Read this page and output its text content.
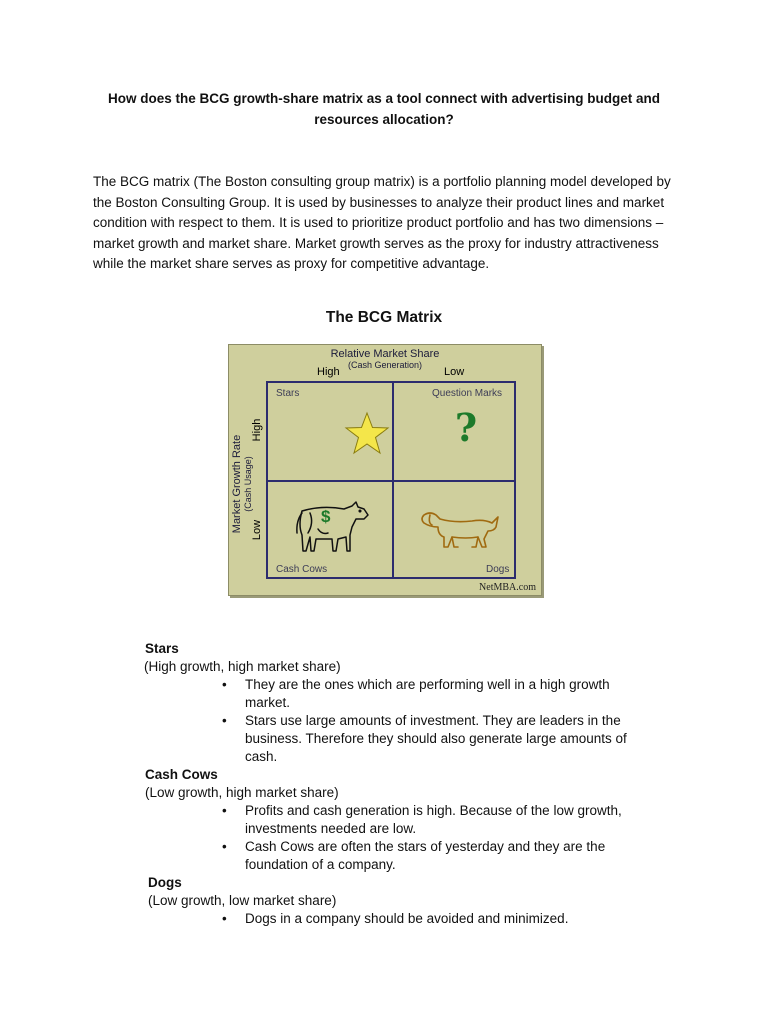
How does the BCG growth-share matrix as a tool connect with advertising budget and resources allocation?
The BCG matrix (The Boston consulting group matrix) is a portfolio planning model developed by the Boston Consulting Group. It is used by businesses to analyze their product lines and market condition with respect to them. It is used to prioritize product portfolio and has two dimensions – market growth and market share. Market growth serves as the proxy for industry attractiveness while the market share serves as proxy for competitive advantage.
The BCG Matrix
Relative Market Share
(Cash Generation)
High	Low
Market Growth Rate (Cash Usage)
High
Low
Stars	Question Marks
?
Cash Cows
$
Dogs
NetMBA.com
Stars
(High growth, high market share)
• They are the ones which are performing well in a high growth market.
• Stars use large amounts of investment. They are leaders in the business. Therefore they should also generate large amounts of cash.
Cash Cows
(Low growth, high market share)
• Profits and cash generation is high. Because of the low growth, investments needed are low.
• Cash Cows are often the stars of yesterday and they are the foundation of a company.
Dogs
(Low growth, low market share)
• Dogs in a company should be avoided and minimized.
